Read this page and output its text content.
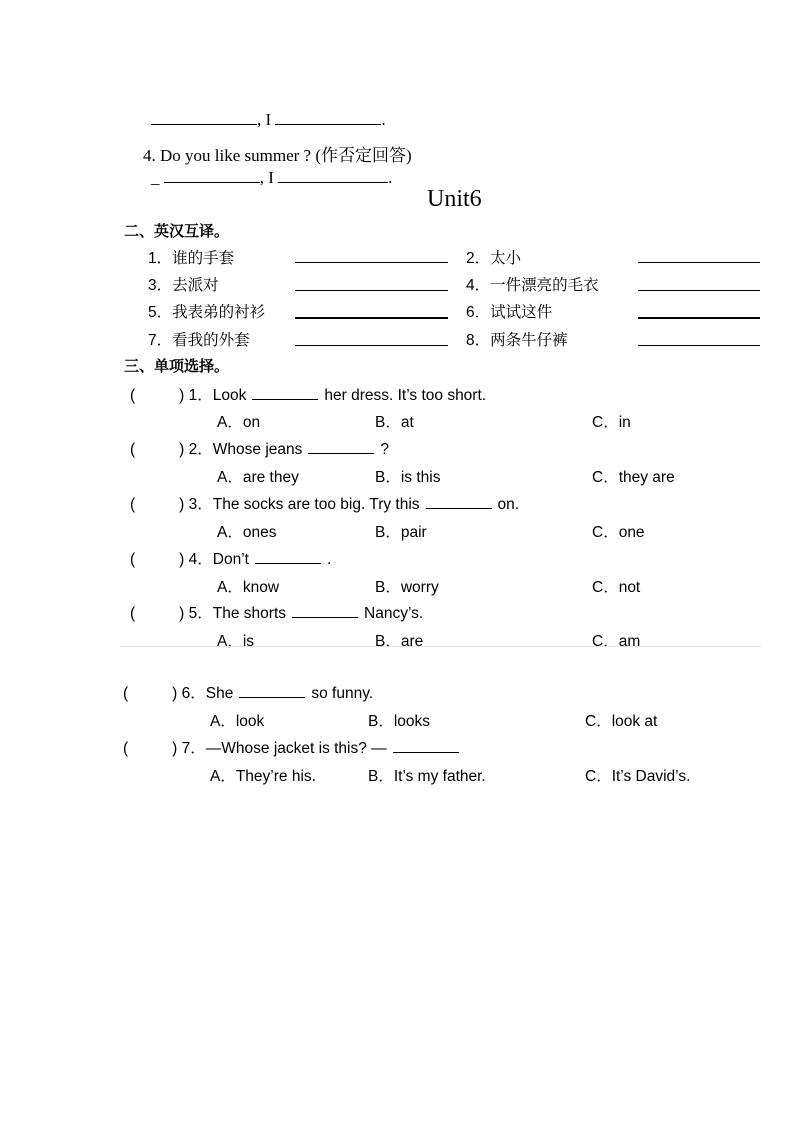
, I	.
4. Do you like summer ? (作否定回答)
_	, I	.
Unit6
二、英汉互译。
1．谁的手套	2．太小
3．去派对	4．一件漂亮的毛衣
5．我表弟的衬衫	6．试试这件
7．看我的外套	8．两条牛仔裤
三、单项选择。
(	) 1．Look	her dress. It’s too short.
A．on	B．at	C．in
(	) 2．Whose jeans	?
A．are they	B．is this	C．they are
(	) 3．The socks are too big. Try this	on.
A．ones	B．pair	C．one
(	) 4．Don’t	.
A．know	B．worry	C．not
(	) 5．The shorts	Nancy’s.
A．is	B．are	C．am
(	) 6．She	so funny.
A．look	B．looks	C．look at
(	) 7．—Whose jacket is this? —
A．They’re his.	B．It’s my father.	C．It’s David’s.
